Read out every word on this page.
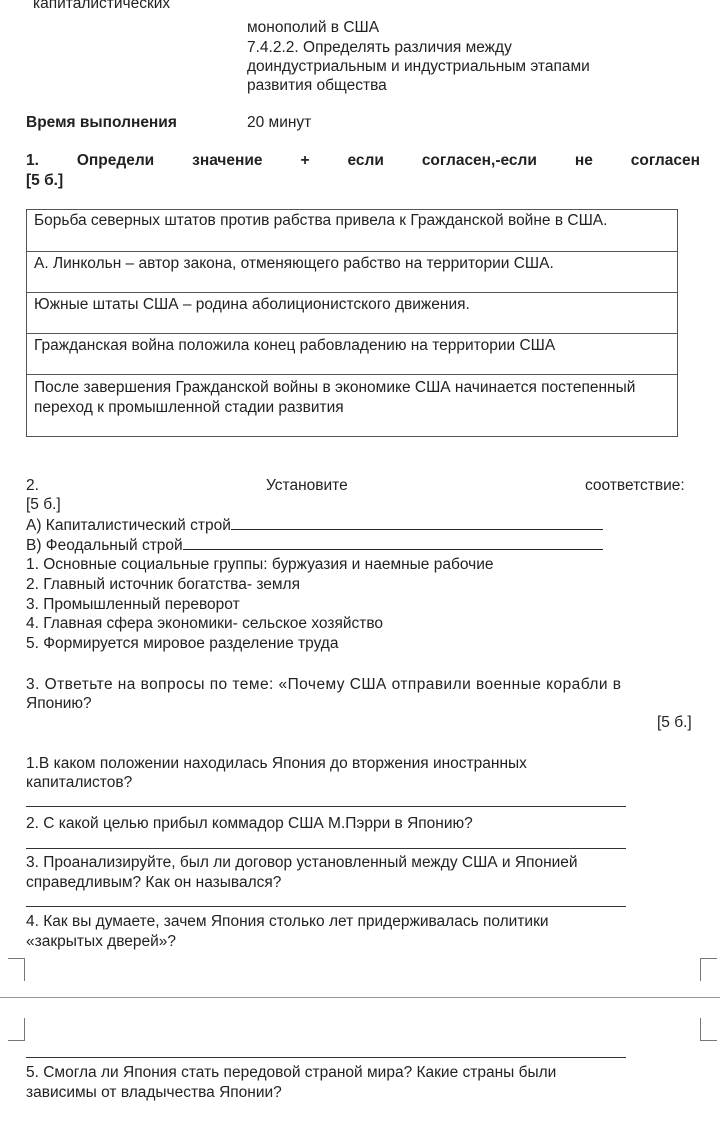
капиталистических
монополий в США
7.4.2.2. Определять различия между
доиндустриальным и индустриальным этапами
развития общества
Время выполнения	20 минут
1. Определи значение + если согласен,-если не согласен
[5 б.]
Борьба северных штатов против рабства привела к Гражданской войне в США.
А. Линкольн – автор закона, отменяющего рабство на территории США.
Южные штаты США – родина аболиционистского движения.
Гражданская война положила конец рабовладению на территории США
После завершения Гражданской войны в экономике США начинается постепенный переход к промышленной стадии развития
2.	Установите	соответствие:
[5 б.]
А) Капиталистический строй
В) Феодальный строй
1. Основные социальные группы: буржуазия и наемные рабочие
2. Главный источник богатства- земля
3. Промышленный переворот
4. Главная сфера экономики- сельское хозяйство
5. Формируется мировое разделение труда
3. Ответьте на вопросы по теме: «Почему США отправили военные корабли в
Японию?
[5 б.]
1.В каком положении находилась Япония до вторжения иностранных
капиталистов?
2. С какой целью прибыл коммадор США М.Пэрри в Японию?
3. Проанализируйте, был ли договор установленный между США и Японией
справедливым? Как он назывался?
4. Как вы думаете, зачем Япония столько лет придерживалась политики
«закрытых дверей»?
5. Смогла ли Япония стать передовой страной мира? Какие страны были
зависимы от владычества Японии?
